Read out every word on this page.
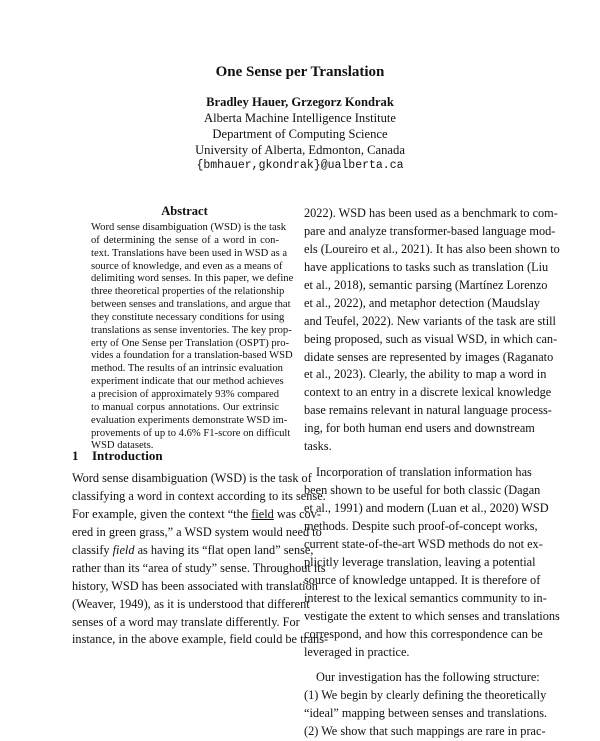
One Sense per Translation
Bradley Hauer, Grzegorz Kondrak
Alberta Machine Intelligence Institute
Department of Computing Science
University of Alberta, Edmonton, Canada
{bmhauer,gkondrak}@ualberta.ca
Abstract
Word sense disambiguation (WSD) is the task
of determining the sense of a word in con-
text. Translations have been used in WSD as a
source of knowledge, and even as a means of
delimiting word senses. In this paper, we define
three theoretical properties of the relationship
between senses and translations, and argue that
they constitute necessary conditions for using
translations as sense inventories. The key prop-
erty of One Sense per Translation (OSPT) pro-
vides a foundation for a translation-based WSD
method. The results of an intrinsic evaluation
experiment indicate that our method achieves
a precision of approximately 93% compared
to manual corpus annotations. Our extrinsic
evaluation experiments demonstrate WSD im-
provements of up to 4.6% F1-score on difficult
WSD datasets.
1 Introduction
Word sense disambiguation (WSD) is the task of
classifying a word in context according to its sense.
For example, given the context “the field was cov-
ered in green grass,” a WSD system would need to
classify field as having its “flat open land” sense,
rather than its “area of study” sense. Throughout its
history, WSD has been associated with translation
(Weaver, 1949), as it is understood that different
senses of a word may translate differently. For
instance, in the above example, field could be trans-
2022). WSD has been used as a benchmark to com-
pare and analyze transformer-based language mod-
els (Loureiro et al., 2021). It has also been shown to
have applications to tasks such as translation (Liu
et al., 2018), semantic parsing (Martínez Lorenzo
et al., 2022), and metaphor detection (Maudslay
and Teufel, 2022). New variants of the task are still
being proposed, such as visual WSD, in which can-
didate senses are represented by images (Raganato
et al., 2023). Clearly, the ability to map a word in
context to an entry in a discrete lexical knowledge
base remains relevant in natural language process-
ing, for both human end users and downstream
tasks.
Incorporation of translation information has
been shown to be useful for both classic (Dagan
et al., 1991) and modern (Luan et al., 2020) WSD
methods. Despite such proof-of-concept works,
current state-of-the-art WSD methods do not ex-
plicitly leverage translation, leaving a potential
source of knowledge untapped. It is therefore of
interest to the lexical semantics community to in-
vestigate the extent to which senses and translations
correspond, and how this correspondence can be
leveraged in practice.
Our investigation has the following structure:
(1) We begin by clearly defining the theoretically
“ideal” mapping between senses and translations.
(2) We show that such mappings are rare in prac-
